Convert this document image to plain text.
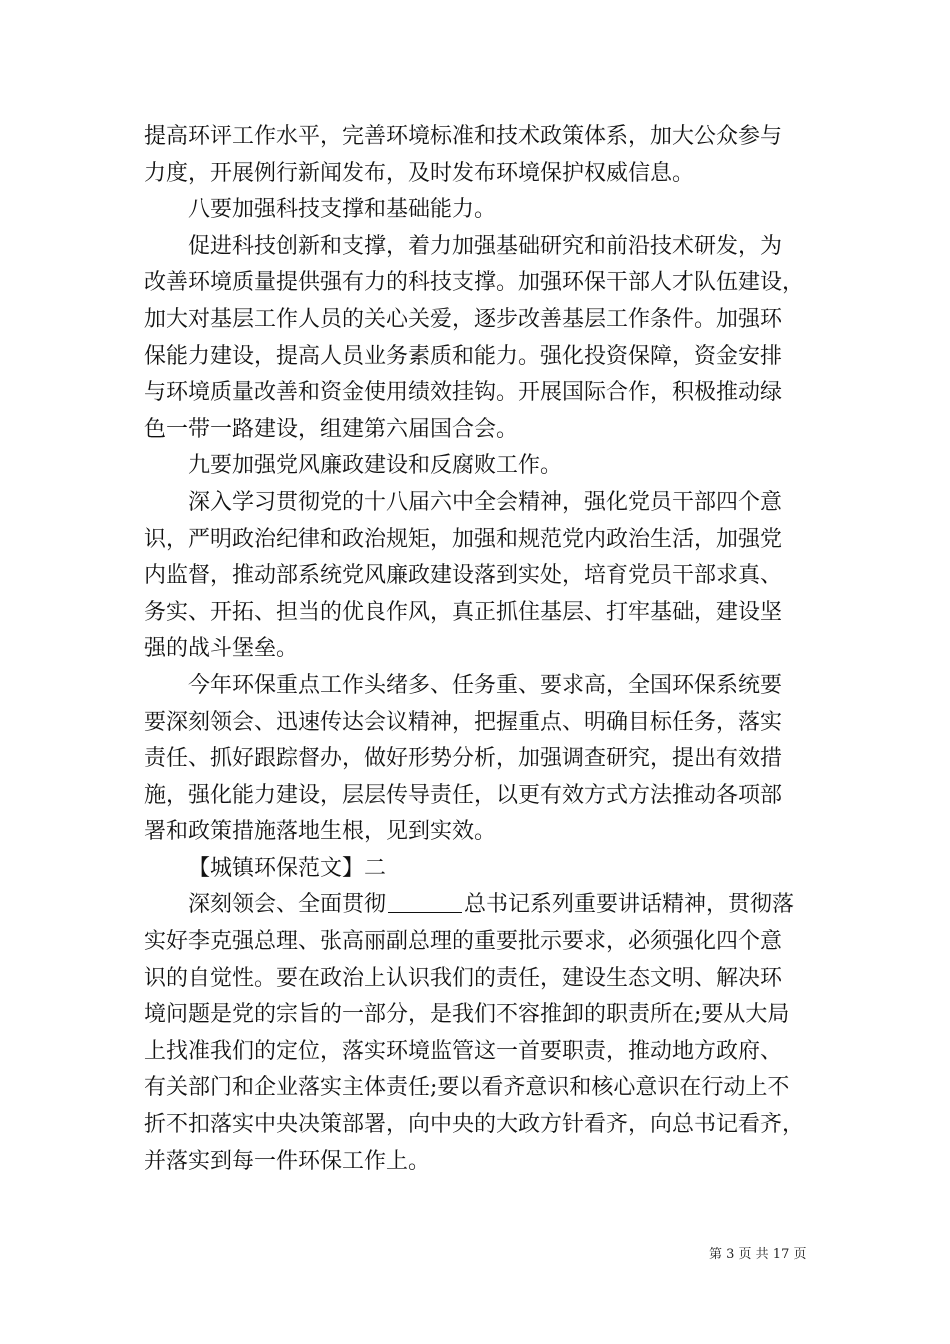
提高环评工作水平，完善环境标准和技术政策体系，加大公众参与
力度，开展例行新闻发布，及时发布环境保护权威信息。
八要加强科技支撑和基础能力。
促进科技创新和支撑，着力加强基础研究和前沿技术研发，为
改善环境质量提供强有力的科技支撑。加强环保干部人才队伍建设，
加大对基层工作人员的关心关爱，逐步改善基层工作条件。加强环
保能力建设，提高人员业务素质和能力。强化投资保障，资金安排
与环境质量改善和资金使用绩效挂钩。开展国际合作，积极推动绿
色一带一路建设，组建第六届国合会。
九要加强党风廉政建设和反腐败工作。
深入学习贯彻党的十八届六中全会精神，强化党员干部四个意
识，严明政治纪律和政治规矩，加强和规范党内政治生活，加强党
内监督，推动部系统党风廉政建设落到实处，培育党员干部求真、
务实、开拓、担当的优良作风，真正抓住基层、打牢基础，建设坚
强的战斗堡垒。
今年环保重点工作头绪多、任务重、要求高，全国环保系统要
要深刻领会、迅速传达会议精神，把握重点、明确目标任务，落实
责任、抓好跟踪督办，做好形势分析，加强调查研究，提出有效措
施，强化能力建设，层层传导责任，以更有效方式方法推动各项部
署和政策措施落地生根，见到实效。
【城镇环保范文】二
深刻领会、全面贯彻	总书记系列重要讲话精神，贯彻落
实好李克强总理、张高丽副总理的重要批示要求，必须强化四个意
识的自觉性。要在政治上认识我们的责任，建设生态文明、解决环
境问题是党的宗旨的一部分，是我们不容推卸的职责所在;要从大局
上找准我们的定位，落实环境监管这一首要职责，推动地方政府、
有关部门和企业落实主体责任;要以看齐意识和核心意识在行动上不
折不扣落实中央决策部署，向中央的大政方针看齐，向总书记看齐，
并落实到每一件环保工作上。
第 3 页 共 17 页
